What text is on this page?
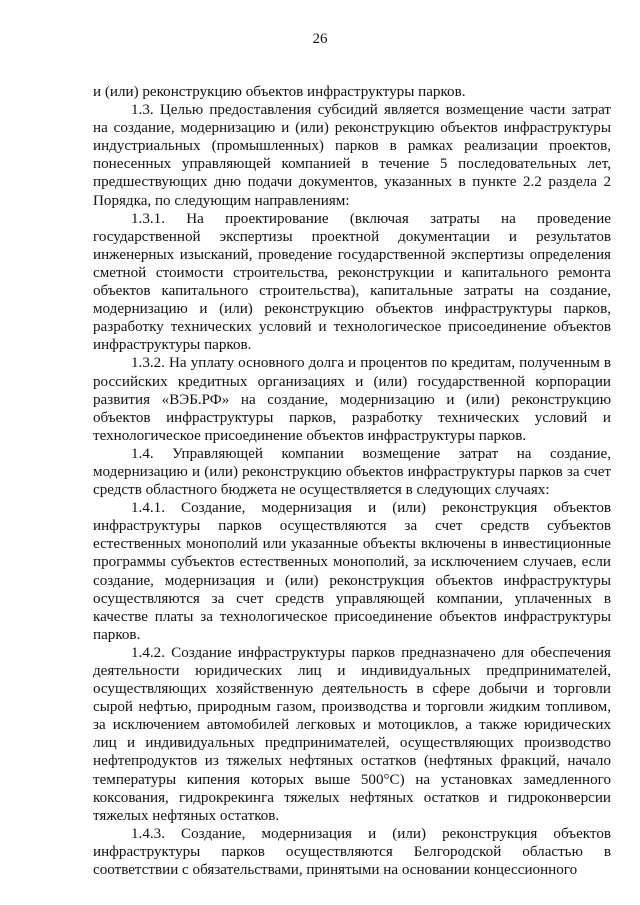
26

и (или) реконструкцию объектов инфраструктуры парков.

1.3. Целью предоставления субсидий является возмещение части затрат на создание, модернизацию и (или) реконструкцию объектов инфраструктуры индустриальных (промышленных) парков в рамках реализации проектов, понесенных управляющей компанией в течение 5 последовательных лет, предшествующих дню подачи документов, указанных в пункте 2.2 раздела 2 Порядка, по следующим направлениям:

1.3.1. На проектирование (включая затраты на проведение государственной экспертизы проектной документации и результатов инженерных изысканий, проведение государственной экспертизы определения сметной стоимости строительства, реконструкции и капитального ремонта объектов капитального строительства), капитальные затраты на создание, модернизацию и (или) реконструкцию объектов инфраструктуры парков, разработку технических условий и технологическое присоединение объектов инфраструктуры парков.

1.3.2. На уплату основного долга и процентов по кредитам, полученным в российских кредитных организациях и (или) государственной корпорации развития «ВЭБ.РФ» на создание, модернизацию и (или) реконструкцию объектов инфраструктуры парков, разработку технических условий и технологическое присоединение объектов инфраструктуры парков.

1.4. Управляющей компании возмещение затрат на создание, модернизацию и (или) реконструкцию объектов инфраструктуры парков за счет средств областного бюджета не осуществляется в следующих случаях:

1.4.1. Создание, модернизация и (или) реконструкция объектов инфраструктуры парков осуществляются за счет средств субъектов естественных монополий или указанные объекты включены в инвестиционные программы субъектов естественных монополий, за исключением случаев, если создание, модернизация и (или) реконструкция объектов инфраструктуры осуществляются за счет средств управляющей компании, уплаченных в качестве платы за технологическое присоединение объектов инфраструктуры парков.

1.4.2. Создание инфраструктуры парков предназначено для обеспечения деятельности юридических лиц и индивидуальных предпринимателей, осуществляющих хозяйственную деятельность в сфере добычи и торговли сырой нефтью, природным газом, производства и торговли жидким топливом, за исключением автомобилей легковых и мотоциклов, а также юридических лиц и индивидуальных предпринимателей, осуществляющих производство нефтепродуктов из тяжелых нефтяных остатков (нефтяных фракций, начало температуры кипения которых выше 500°С) на установках замедленного коксования, гидрокрекинга тяжелых нефтяных остатков и гидроконверсии тяжелых нефтяных остатков.

1.4.3. Создание, модернизация и (или) реконструкция объектов инфраструктуры парков осуществляются Белгородской областью в соответствии с обязательствами, принятыми на основании концессионного
